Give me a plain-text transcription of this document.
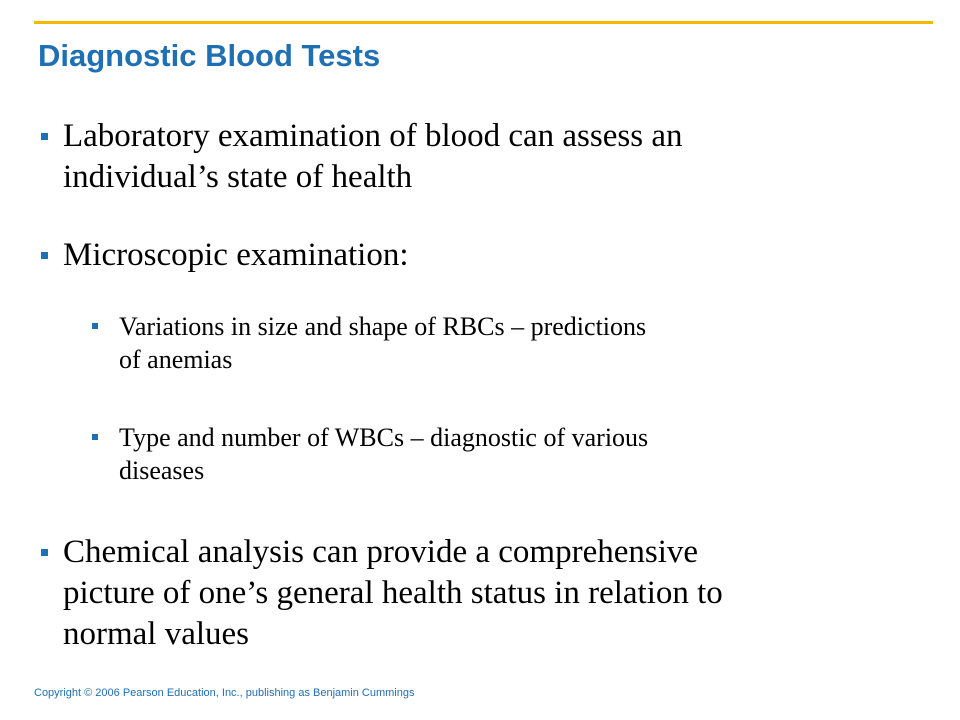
Diagnostic Blood Tests
Laboratory examination of blood can assess an
individual’s state of health
Microscopic examination:
Variations in size and shape of RBCs – predictions
of anemias
Type and number of WBCs – diagnostic of various
diseases
Chemical analysis can provide a comprehensive
picture of one’s general health status in relation to
normal values
Copyright © 2006 Pearson Education, Inc., publishing as Benjamin Cummings
